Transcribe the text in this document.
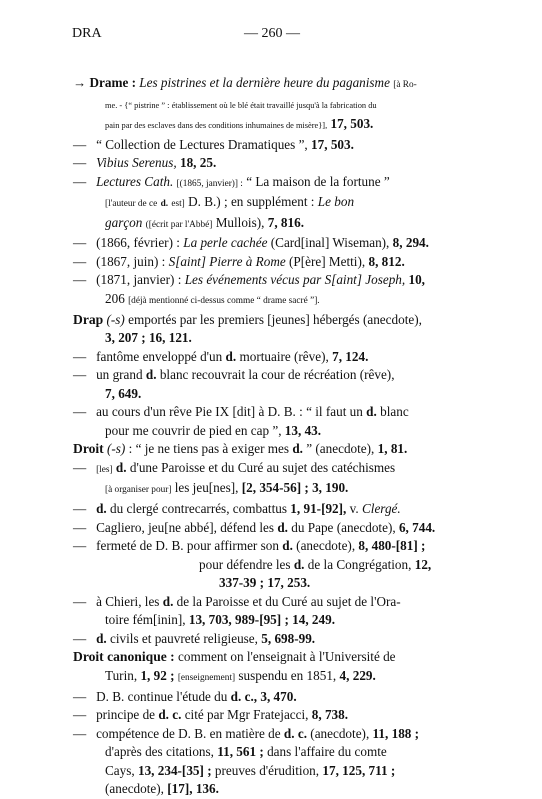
DRA	— 260 —

→ Drame : Les pistrines et la dernière heure du paganisme [à Ro-

me. - {“ pistrine ” : établissement où le blé était travaillé jusqu'à la fabrication du

pain par des esclaves dans des conditions inhumaines de misère}], 17, 503.

— “ Collection de Lectures Dramatiques ”, 17, 503.

— Vibius Serenus, 18, 25.

— Lectures Cath. [(1865, janvier)] : “ La maison de la fortune ”

[l'auteur de ce d. est] D. B.) ; en supplément : Le bon

garçon ([écrit par l'Abbé] Mullois), 7, 816.

— (1866, février) : La perle cachée (Card[inal] Wiseman), 8, 294.

— (1867, juin) : S[aint] Pierre à Rome (P[ère] Metti), 8, 812.

— (1871, janvier) : Les événements vécus par S[aint] Joseph, 10,

206 [déjà mentionné ci-dessus comme “ drame sacré ”].

Drap (-s) emportés par les premiers [jeunes] hébergés (anecdote),

3, 207 ; 16, 121.

— fantôme enveloppé d'un d. mortuaire (rêve), 7, 124.

— un grand d. blanc recouvrait la cour de récréation (rêve),

7, 649.

— au cours d'un rêve Pie IX [dit] à D. B. : “ il faut un d. blanc

pour me couvrir de pied en cap ”, 13, 43.

Droit (-s) : “ je ne tiens pas à exiger mes d. ” (anecdote), 1, 81.

— [les] d. d'une Paroisse et du Curé au sujet des catéchismes

[à organiser pour] les jeu[nes], [2, 354-56] ; 3, 190.

— d. du clergé contrecarrés, combattus 1, 91-[92], v. Clergé.

— Cagliero, jeu[ne abbé], défend les d. du Pape (anecdote), 6, 744.

— fermeté de D. B. pour affirmer son d. (anecdote), 8, 480-[81] ;

pour défendre les d. de la Congrégation, 12,

337-39 ; 17, 253.

— à Chieri, les d. de la Paroisse et du Curé au sujet de l'Ora-

toire fém[inin], 13, 703, 989-[95] ; 14, 249.

— d. civils et pauvreté religieuse, 5, 698-99.

Droit canonique : comment on l'enseignait à l'Université de

Turin, 1, 92 ; [enseignement] suspendu en 1851, 4, 229.

— D. B. continue l'étude du d. c., 3, 470.

— principe de d. c. cité par Mgr Fratejacci, 8, 738.

— compétence de D. B. en matière de d. c. (anecdote), 11, 188 ;

d'après des citations, 11, 561 ; dans l'affaire du comte

Cays, 13, 234-[35] ; preuves d'érudition, 17, 125, 711 ;

(anecdote), [17], 136.
